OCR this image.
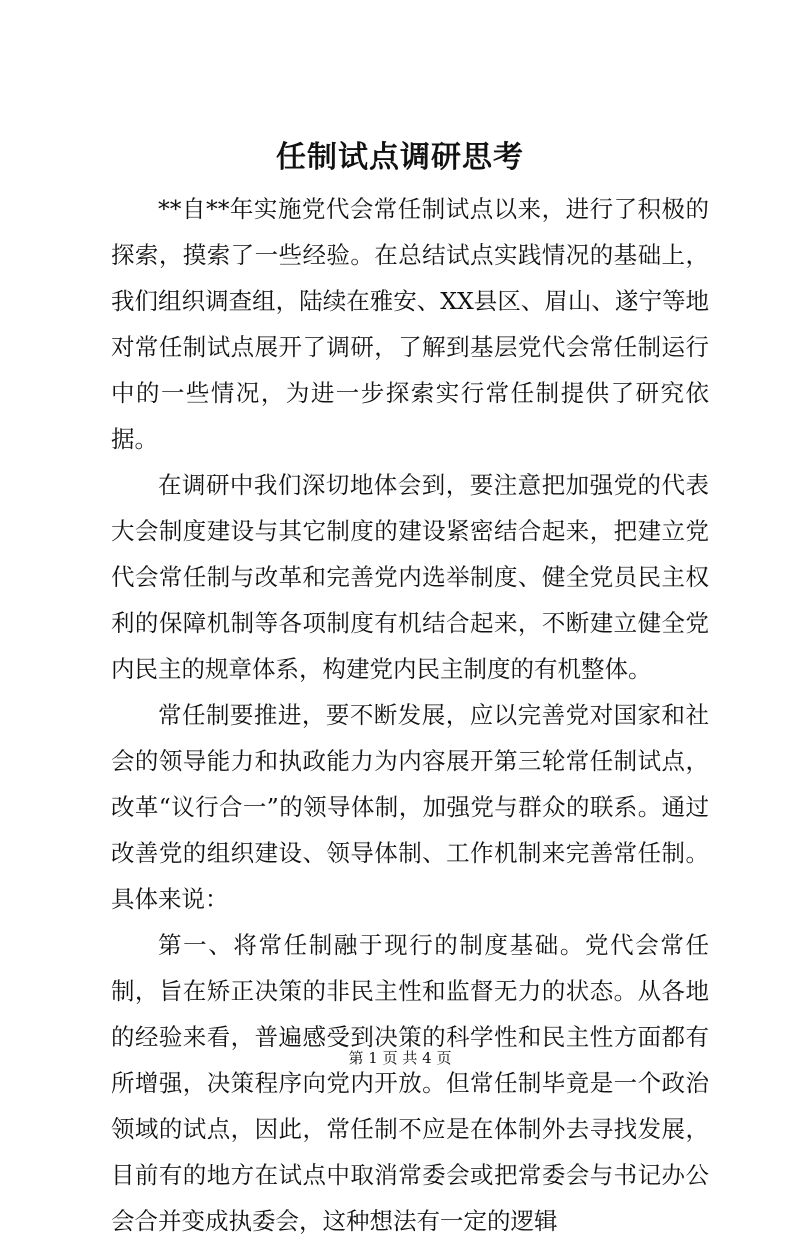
任制试点调研思考

**自**年实施党代会常任制试点以来，进行了积极的探索，摸索了一些经验。在总结试点实践情况的基础上，我们组织调查组，陆续在雅安、XX县区、眉山、遂宁等地对常任制试点展开了调研，了解到基层党代会常任制运行中的一些情况，为进一步探索实行常任制提供了研究依据。

在调研中我们深切地体会到，要注意把加强党的代表大会制度建设与其它制度的建设紧密结合起来，把建立党代会常任制与改革和完善党内选举制度、健全党员民主权利的保障机制等各项制度有机结合起来，不断建立健全党内民主的规章体系，构建党内民主制度的有机整体。

常任制要推进，要不断发展，应以完善党对国家和社会的领导能力和执政能力为内容展开第三轮常任制试点，改革“议行合一”的领导体制，加强党与群众的联系。通过改善党的组织建设、领导体制、工作机制来完善常任制。具体来说：

第一、将常任制融于现行的制度基础。党代会常任制，旨在矫正决策的非民主性和监督无力的状态。从各地的经验来看，普遍感受到决策的科学性和民主性方面都有所增强，决策程序向党内开放。但常任制毕竟是一个政治领域的试点，因此，常任制不应是在体制外去寻找发展，目前有的地方在试点中取消常委会或把常委会与书记办公会合并变成执委会，这种想法有一定的逻辑

第 1 页 共 4 页
